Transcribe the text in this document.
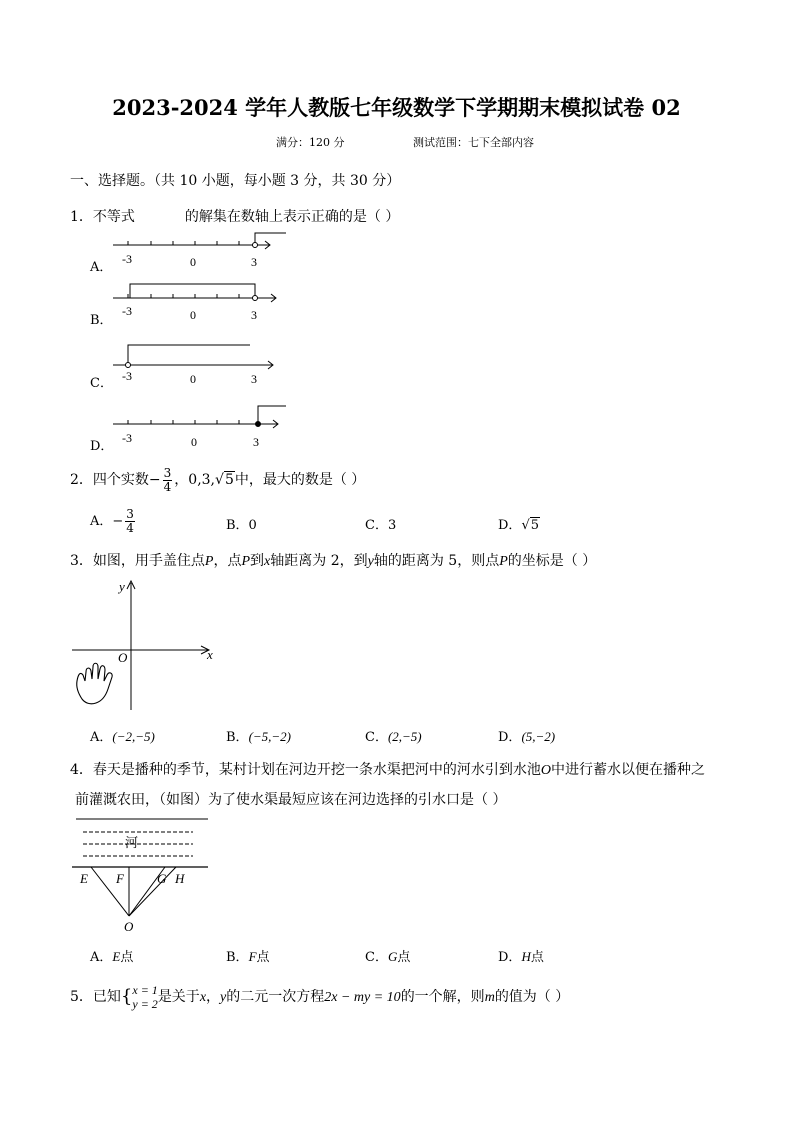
2023-2024 学年人教版七年级数学下学期期末模拟试卷 02
满分：120 分	测试范围：七下全部内容
一、选择题。（共 10 小题，每小题 3 分，共 30 分）
1．不等式	的解集在数轴上表示正确的是（ ）
A．
-3	0	3
B．
-3	0	3
C． -3	0	3
D．
-3	0	3
2．四个实数− $\frac{3}{4}$ ，0,3,√5中，最大的数是（ ）
A．− $\frac{3}{4}$	B．0	C．3	D．√5
3．如图，用手盖住点P，点P到x轴距离为 2，到y轴的距离为 5，则点P的坐标是（ ）
y
x
O
A．(−2,−5)	B．(−5,−2)	C．(2,−5)	D．(5,−2)
4．春天是播种的季节，某村计划在河边开挖一条水渠把河中的河水引到水池O中进行蓄水以便在播种之
前灌溉农田，（如图）为了使水渠最短应该在河边选择的引水口是（ ）
河
E F	G H
O
A．E点	B．F点	C．G点	D．H点
5．已知{ x = 1
y = 2 是关于x，y的二元一次方程2x − my = 10的一个解，则m的值为（ ）
